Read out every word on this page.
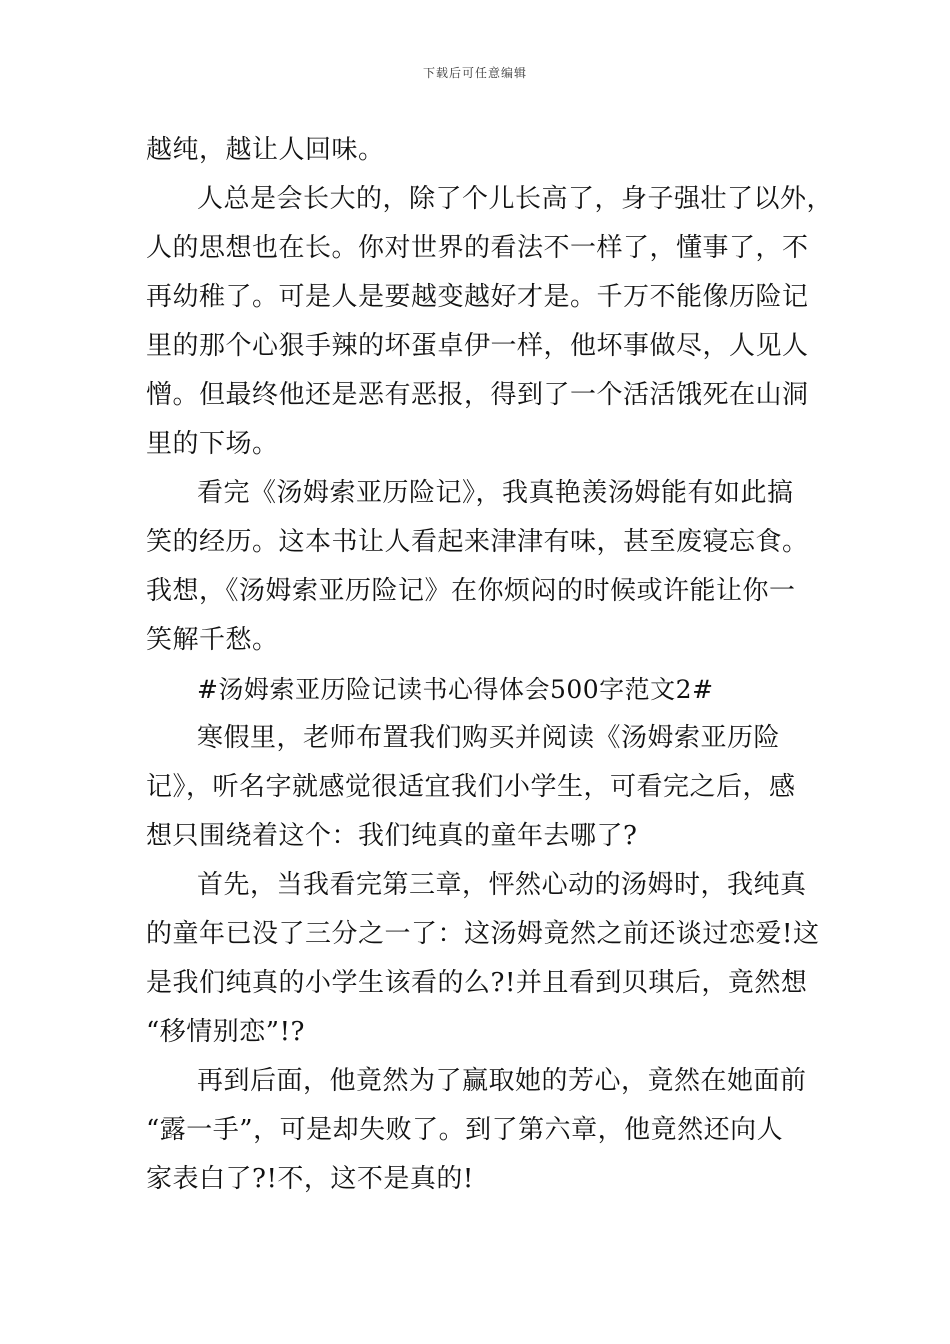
下载后可任意编辑
越纯，越让人回味。
人总是会长大的，除了个儿长高了，身子强壮了以外，
人的思想也在长。你对世界的看法不一样了，懂事了，不
再幼稚了。可是人是要越变越好才是。千万不能像历险记
里的那个心狠手辣的坏蛋卓伊一样，他坏事做尽，人见人
憎。但最终他还是恶有恶报，得到了一个活活饿死在山洞
里的下场。
看完《汤姆索亚历险记》，我真艳羡汤姆能有如此搞
笑的经历。这本书让人看起来津津有味，甚至废寝忘食。
我想，《汤姆索亚历险记》在你烦闷的时候或许能让你一
笑解千愁。
#汤姆索亚历险记读书心得体会500字范文2#
寒假里，老师布置我们购买并阅读《汤姆索亚历险
记》，听名字就感觉很适宜我们小学生，可看完之后，感
想只围绕着这个：我们纯真的童年去哪了?
首先，当我看完第三章，怦然心动的汤姆时，我纯真
的童年已没了三分之一了：这汤姆竟然之前还谈过恋爱!这
是我们纯真的小学生该看的么?!并且看到贝琪后，竟然想
“移情别恋”!?
再到后面，他竟然为了赢取她的芳心，竟然在她面前
“露一手”，可是却失败了。到了第六章，他竟然还向人
家表白了?!不，这不是真的!
